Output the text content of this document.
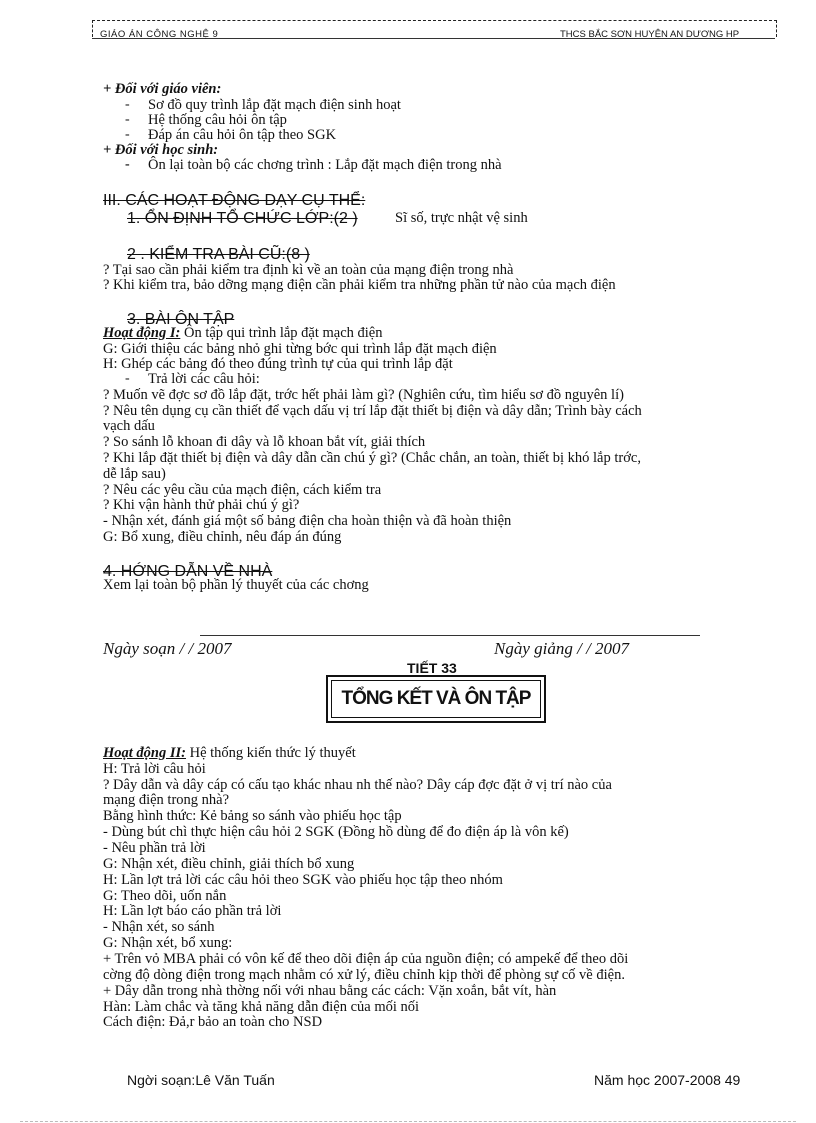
GIÁO ÁN CÔNG NGHỆ 9	THCS BẮC SƠN HUYỆN AN DƯƠNG HP
+ Đối với giáo viên:
- Sơ đồ quy trình lắp đặt mạch điện sinh hoạt
- Hệ thống câu hỏi ôn tập
- Đáp án câu hỏi ôn tập theo SGK
+ Đối với học sinh:
- Ôn lại toàn bộ các chơng trình : Lắp đặt mạch điện trong nhà
III. CÁC HOẠT ĐỘNG DẠY CỤ THỂ:
1. ỔN ĐỊNH TỔ CHỨC LỚP:(2 )	Sĩ số, trực nhật vệ sinh
2 . KIỂM TRA BÀI CŨ:(8 )
? Tại sao cần phải kiểm tra định kì về an toàn của mạng điện trong nhà
? Khi kiểm tra, bảo dỡng mạng điện cần phải kiểm tra những phần tử nào của mạch điện
3. BÀI ÔN TẬP
Hoạt động I: Ôn tập qui trình lắp đặt mạch điện
G: Giới thiệu các bảng nhỏ ghi từng bớc qui trình lắp đặt mạch điện
H: Ghép các bảng đó theo đúng trình tự của qui trình lắp đặt
- Trả lời các câu hỏi:
? Muốn vẽ đợc sơ đồ lắp đặt, trớc hết phải làm gì? (Nghiên cứu, tìm hiểu sơ đồ nguyên lí)
? Nêu tên dụng cụ cần thiết để vạch dấu vị trí lắp đặt thiết bị điện và dây dẫn; Trình bày cách
vạch dấu
? So sánh lỗ khoan đi dây và lỗ khoan bắt vít, giải thích
? Khi lắp đặt thiết bị điện và dây dẫn cần chú ý gì? (Chắc chắn, an toàn, thiết bị khó lắp trớc,
dễ lắp sau)
? Nêu các yêu cầu của mạch điện, cách kiểm tra
? Khi vận hành thử phải chú ý gì?
- Nhận xét, đánh giá một số bảng điện cha hoàn thiện và đã hoàn thiện
G: Bổ xung, điều chỉnh, nêu đáp án đúng
4. HỚNG DẪN VỀ NHÀ
Xem lại toàn bộ phần lý thuyết của các chơng
Ngày soạn / / 2007	Ngày giảng / / 2007
TIẾT 33
TỔNG KẾT VÀ ÔN TẬP
Hoạt động II: Hệ thống kiến thức lý thuyết
H: Trả lời câu hỏi
? Dây dẫn và dây cáp có cấu tạo khác nhau nh thế nào? Dây cáp đợc đặt ở vị trí nào của
mạng điện trong nhà?
Bằng hình thức: Kẻ bảng so sánh vào phiếu học tập
- Dùng bút chì thực hiện câu hỏi 2 SGK (Đồng hồ dùng để đo điện áp là vôn kế)
- Nêu phần trả lời
G: Nhận xét, điều chỉnh, giải thích bổ xung
H: Lần lợt trả lời các câu hỏi theo SGK vào phiếu học tập theo nhóm
G: Theo dõi, uốn nắn
H: Lần lợt báo cáo phần trả lời
- Nhận xét, so sánh
G: Nhận xét, bổ xung:
+ Trên vỏ MBA phải có vôn kế để theo dõi điện áp của nguồn điện; có ampekế để theo dõi
cờng độ dòng điện trong mạch nhằm có xử lý, điều chỉnh kịp thời để phòng sự cố về điện.
+ Dây dẫn trong nhà thờng nối với nhau bằng các cách: Vặn xoắn, bắt vít, hàn
Hàn: Làm chắc và tăng khả năng dẫn điện của mối nối
Cách điện: Đả,r bảo an toàn cho NSD
Ngời soạn:Lê Văn Tuấn	Năm học 2007-2008 49
